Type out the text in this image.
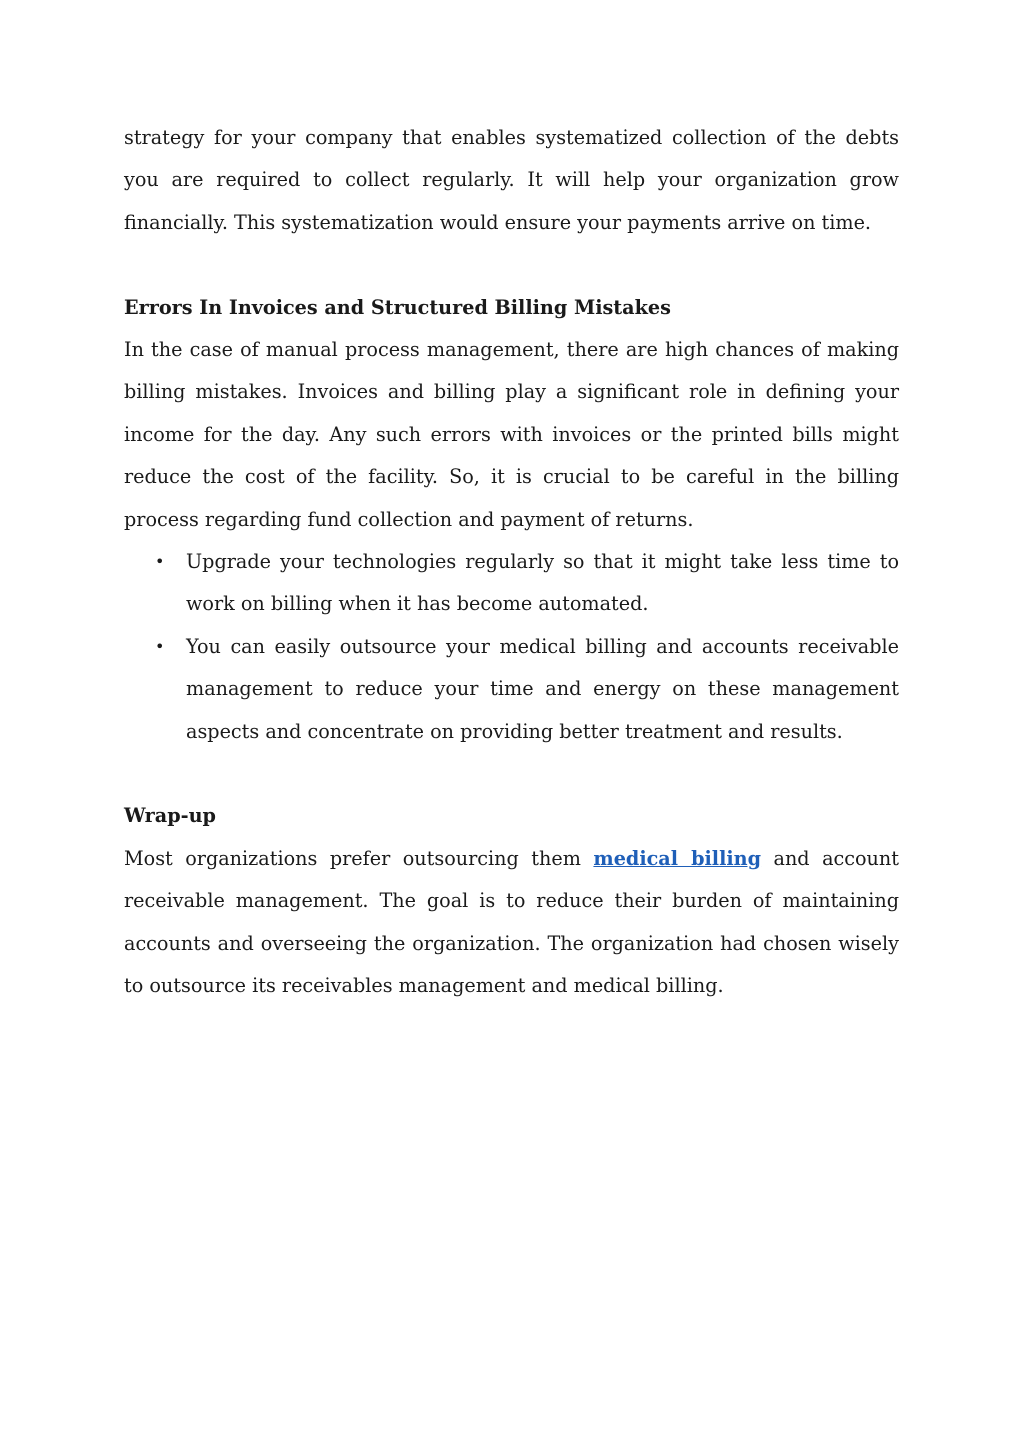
strategy for your company that enables systematized collection of the debts you are required to collect regularly. It will help your organization grow financially. This systematization would ensure your payments arrive on time.

Errors In Invoices and Structured Billing Mistakes

In the case of manual process management, there are high chances of making billing mistakes. Invoices and billing play a significant role in defining your income for the day. Any such errors with invoices or the printed bills might reduce the cost of the facility. So, it is crucial to be careful in the billing process regarding fund collection and payment of returns.

• Upgrade your technologies regularly so that it might take less time to work on billing when it has become automated.
• You can easily outsource your medical billing and accounts receivable management to reduce your time and energy on these management aspects and concentrate on providing better treatment and results.
Wrap-up

Most organizations prefer outsourcing them medical billing and account receivable management. The goal is to reduce their burden of maintaining accounts and overseeing the organization. The organization had chosen wisely to outsource its receivables management and medical billing.
